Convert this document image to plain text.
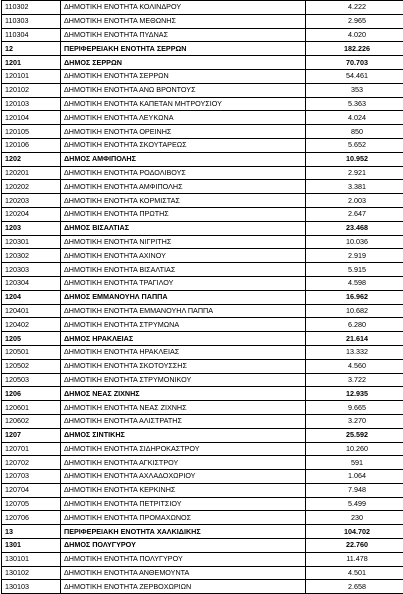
110302	ΔΗΜΟΤΙΚΗ ΕΝΟΤΗΤΑ ΚΟΛΙΝΔΡΟΥ	4.222
110303	ΔΗΜΟΤΙΚΗ ΕΝΟΤΗΤΑ ΜΕΘΩΝΗΣ	2.965
110304	ΔΗΜΟΤΙΚΗ ΕΝΟΤΗΤΑ ΠΥΔΝΑΣ	4.020
12	ΠΕΡΙΦΕΡΕΙΑΚΗ ΕΝΟΤΗΤΑ ΣΕΡΡΩΝ	182.226
1201	ΔΗΜΟΣ ΣΕΡΡΩΝ	70.703
120101	ΔΗΜΟΤΙΚΗ ΕΝΟΤΗΤΑ ΣΕΡΡΩΝ	54.461
120102	ΔΗΜΟΤΙΚΗ ΕΝΟΤΗΤΑ ΑΝΩ ΒΡΟΝΤΟΥΣ	353
120103	ΔΗΜΟΤΙΚΗ ΕΝΟΤΗΤΑ ΚΑΠΕΤΑΝ ΜΗΤΡΟΥΣΙΟΥ	5.363
120104	ΔΗΜΟΤΙΚΗ ΕΝΟΤΗΤΑ ΛΕΥΚΩΝΑ	4.024
120105	ΔΗΜΟΤΙΚΗ ΕΝΟΤΗΤΑ ΟΡΕΙΝΗΣ	850
120106	ΔΗΜΟΤΙΚΗ ΕΝΟΤΗΤΑ ΣΚΟΥΤΑΡΕΩΣ	5.652
1202	ΔΗΜΟΣ ΑΜΦΙΠΟΛΗΣ	10.952
120201	ΔΗΜΟΤΙΚΗ ΕΝΟΤΗΤΑ ΡΟΔΟΛΙΒΟΥΣ	2.921
120202	ΔΗΜΟΤΙΚΗ ΕΝΟΤΗΤΑ ΑΜΦΙΠΟΛΗΣ	3.381
120203	ΔΗΜΟΤΙΚΗ ΕΝΟΤΗΤΑ ΚΟΡΜΙΣΤΑΣ	2.003
120204	ΔΗΜΟΤΙΚΗ ΕΝΟΤΗΤΑ ΠΡΩΤΗΣ	2.647
1203	ΔΗΜΟΣ ΒΙΣΑΛΤΙΑΣ	23.468
120301	ΔΗΜΟΤΙΚΗ ΕΝΟΤΗΤΑ ΝΙΓΡΙΤΗΣ	10.036
120302	ΔΗΜΟΤΙΚΗ ΕΝΟΤΗΤΑ ΑΧΙΝΟΥ	2.919
120303	ΔΗΜΟΤΙΚΗ ΕΝΟΤΗΤΑ ΒΙΣΑΛΤΙΑΣ	5.915
120304	ΔΗΜΟΤΙΚΗ ΕΝΟΤΗΤΑ ΤΡΑΓΙΛΟΥ	4.598
1204	ΔΗΜΟΣ ΕΜΜΑΝΟΥΗΛ ΠΑΠΠΑ	16.962
120401	ΔΗΜΟΤΙΚΗ ΕΝΟΤΗΤΑ ΕΜΜΑΝΟΥΗΛ ΠΑΠΠΑ	10.682
120402	ΔΗΜΟΤΙΚΗ ΕΝΟΤΗΤΑ ΣΤΡΥΜΩΝΑ	6.280
1205	ΔΗΜΟΣ ΗΡΑΚΛΕΙΑΣ	21.614
120501	ΔΗΜΟΤΙΚΗ ΕΝΟΤΗΤΑ ΗΡΑΚΛΕΙΑΣ	13.332
120502	ΔΗΜΟΤΙΚΗ ΕΝΟΤΗΤΑ ΣΚΟΤΟΥΣΣΗΣ	4.560
120503	ΔΗΜΟΤΙΚΗ ΕΝΟΤΗΤΑ ΣΤΡΥΜΟΝΙΚΟΥ	3.722
1206	ΔΗΜΟΣ ΝΕΑΣ ΖΙΧΝΗΣ	12.935
120601	ΔΗΜΟΤΙΚΗ ΕΝΟΤΗΤΑ ΝΕΑΣ ΖΙΧΝΗΣ	9.665
120602	ΔΗΜΟΤΙΚΗ ΕΝΟΤΗΤΑ ΑΛΙΣΤΡΑΤΗΣ	3.270
1207	ΔΗΜΟΣ ΣΙΝΤΙΚΗΣ	25.592
120701	ΔΗΜΟΤΙΚΗ ΕΝΟΤΗΤΑ ΣΙΔΗΡΟΚΑΣΤΡΟΥ	10.260
120702	ΔΗΜΟΤΙΚΗ ΕΝΟΤΗΤΑ ΑΓΚΙΣΤΡΟΥ	591
120703	ΔΗΜΟΤΙΚΗ ΕΝΟΤΗΤΑ ΑΧΛΑΔΟΧΩΡΙΟΥ	1.064
120704	ΔΗΜΟΤΙΚΗ ΕΝΟΤΗΤΑ ΚΕΡΚΙΝΗΣ	7.948
120705	ΔΗΜΟΤΙΚΗ ΕΝΟΤΗΤΑ ΠΕΤΡΙΤΣΙΟΥ	5.499
120706	ΔΗΜΟΤΙΚΗ ΕΝΟΤΗΤΑ ΠΡΟΜΑΧΩΝΟΣ	230
13	ΠΕΡΙΦΕΡΕΙΑΚΗ ΕΝΟΤΗΤΑ ΧΑΛΚΙΔΙΚΗΣ	104.702
1301	ΔΗΜΟΣ ΠΟΛΥΓΥΡΟΥ	22.760
130101	ΔΗΜΟΤΙΚΗ ΕΝΟΤΗΤΑ ΠΟΛΥΓΥΡΟΥ	11.478
130102	ΔΗΜΟΤΙΚΗ ΕΝΟΤΗΤΑ ΑΝΘΕΜΟΥΝΤΑ	4.501
130103	ΔΗΜΟΤΙΚΗ ΕΝΟΤΗΤΑ ΖΕΡΒΟΧΩΡΙΩΝ	2.658
